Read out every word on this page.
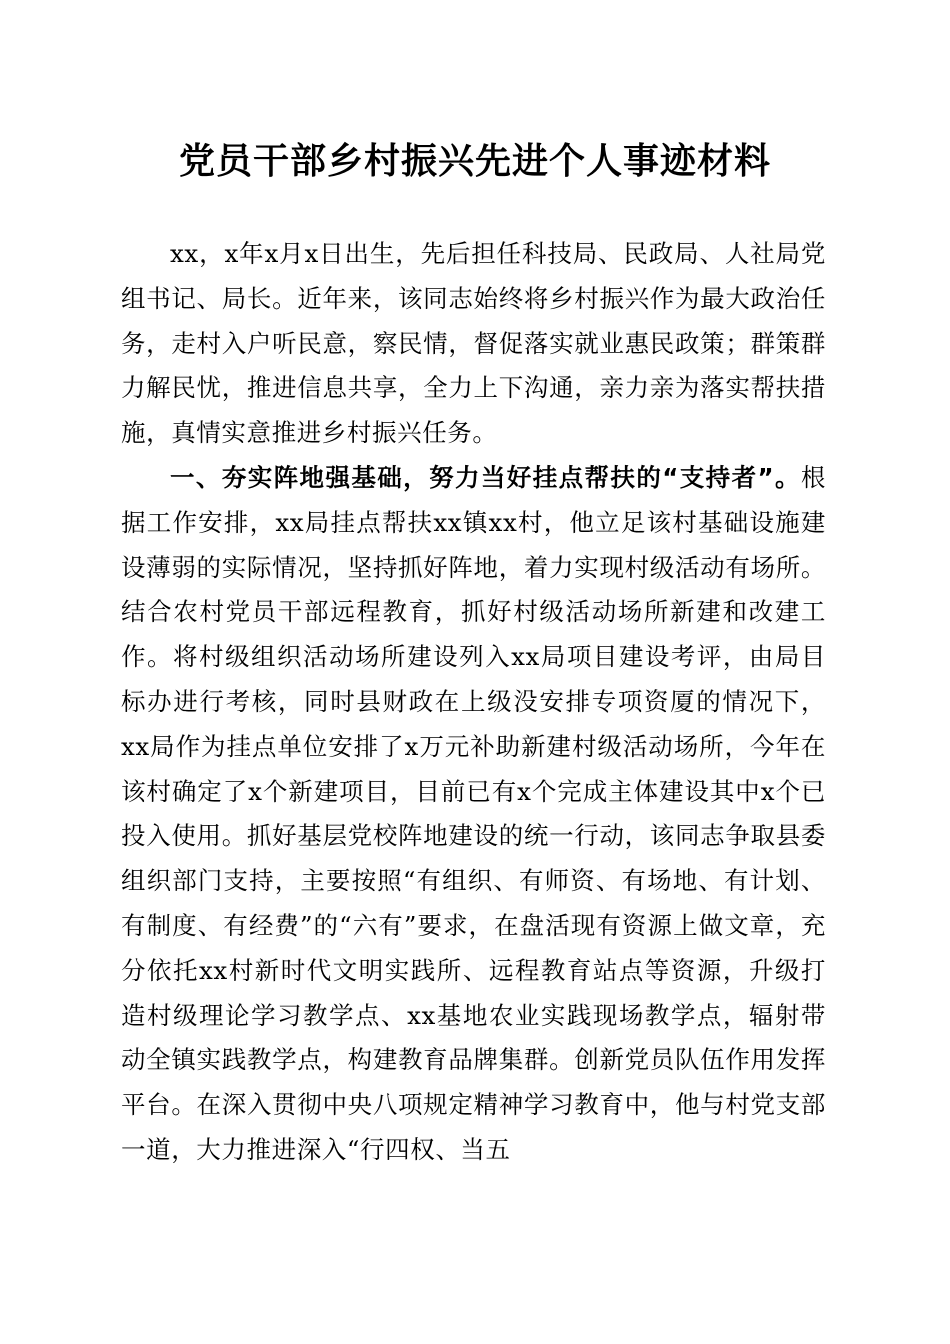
党员干部乡村振兴先进个人事迹材料

xx，x年x月x日出生，先后担任科技局、民政局、人社局党组书记、局长。近年来，该同志始终将乡村振兴作为最大政治任务，走村入户听民意，察民情，督促落实就业惠民政策；群策群力解民忧，推进信息共享，全力上下沟通，亲力亲为落实帮扶措施，真情实意推进乡村振兴任务。

一、夯实阵地强基础，努力当好挂点帮扶的“支持者”。根据工作安排，xx局挂点帮扶xx镇xx村，他立足该村基础设施建设薄弱的实际情况，坚持抓好阵地，着力实现村级活动有场所。结合农村党员干部远程教育，抓好村级活动场所新建和改建工作。将村级组织活动场所建设列入xx局项目建设考评，由局目标办进行考核，同时县财政在上级没安排专项资厦的情况下，xx局作为挂点单位安排了x万元补助新建村级活动场所，今年在该村确定了x个新建项目，目前已有x个完成主体建设其中x个已投入使用。抓好基层党校阵地建设的统一行动，该同志争取县委组织部门支持，主要按照“有组织、有师资、有场地、有计划、有制度、有经费”的“六有”要求，在盘活现有资源上做文章，充分依托xx村新时代文明实践所、远程教育站点等资源，升级打造村级理论学习教学点、xx基地农业实践现场教学点，辐射带动全镇实践教学点，构建教育品牌集群。创新党员队伍作用发挥平台。在深入贯彻中央八项规定精神学习教育中，他与村党支部一道，大力推进深入“行四权、当五
